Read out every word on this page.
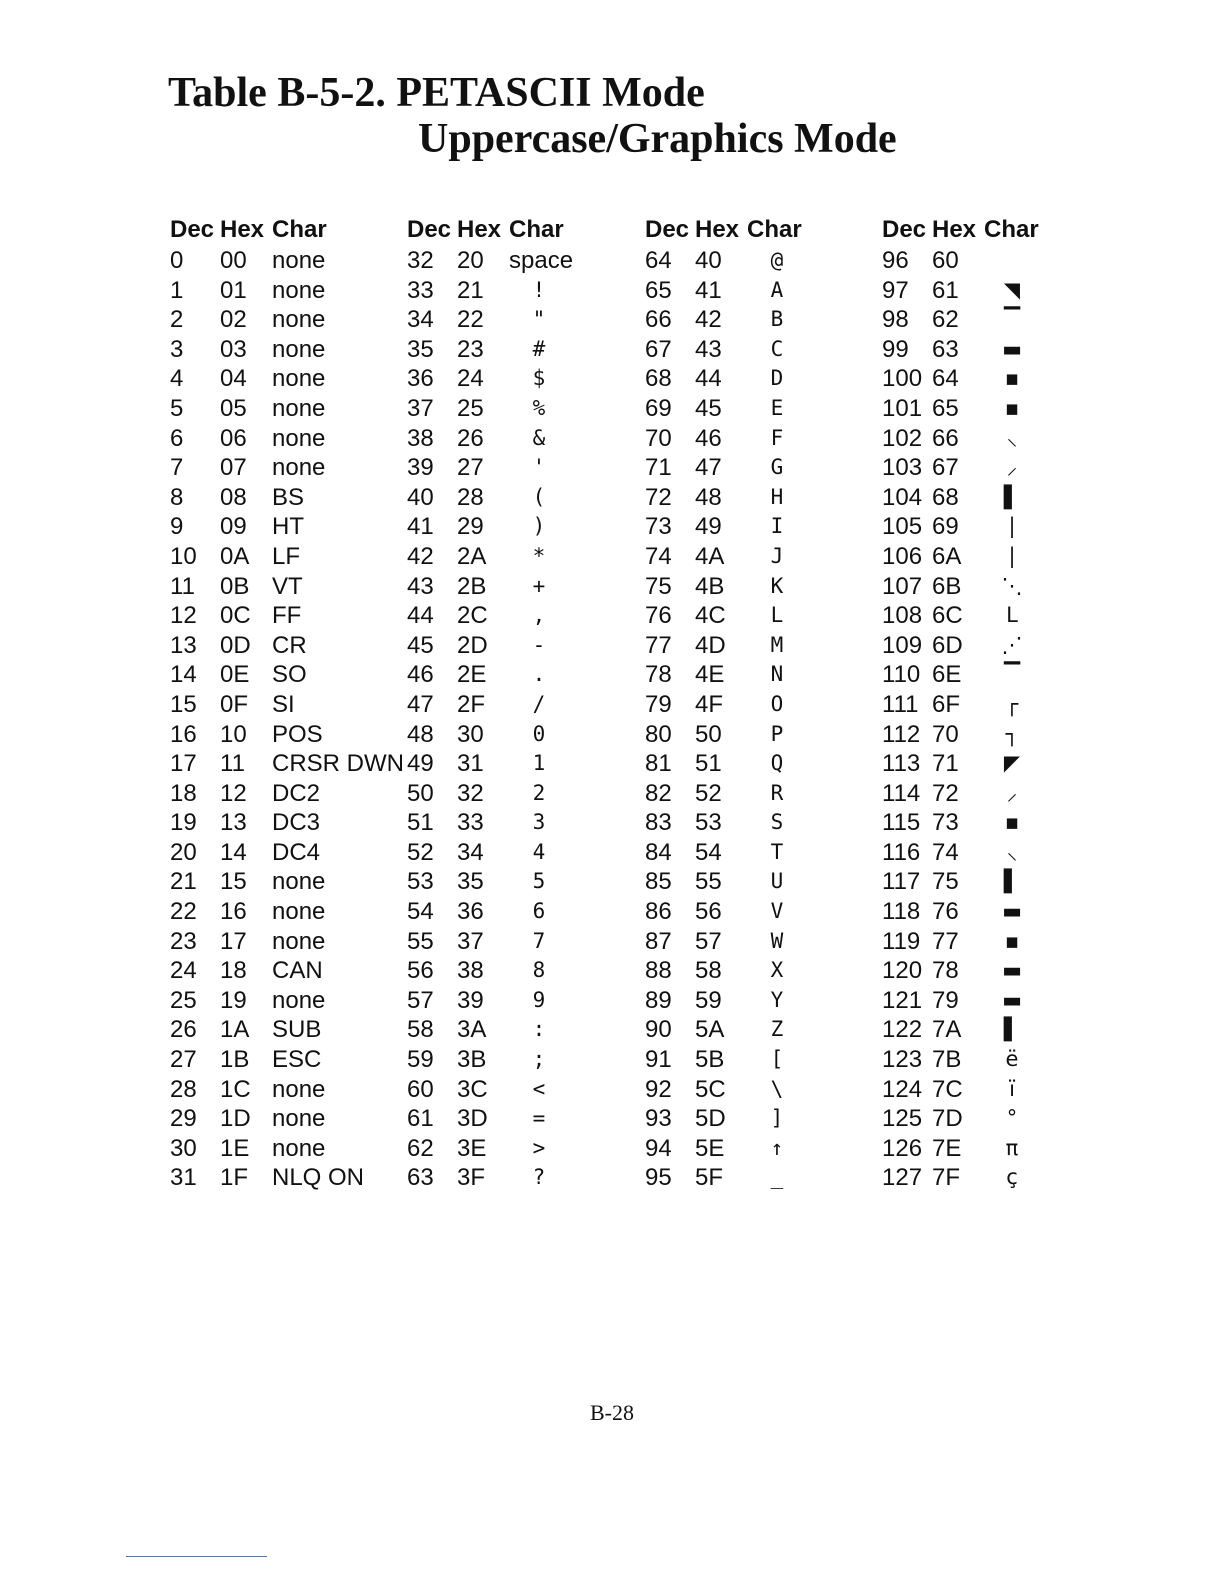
Table B-5-2. PETASCII Mode
Uppercase/Graphics Mode
Dec Hex Char
0 00 none
1 01 none
2 02 none
3 03 none
4 04 none
5 05 none
6 06 none
7 07 none
8 08 BS
9 09 HT
10 0A LF
11 0B VT
12 0C FF
13 0D CR
14 0E SO
15 0F SI
16 10 POS
17 11 CRSR DWN
18 12 DC2
19 13 DC3
20 14 DC4
21 15 none
22 16 none
23 17 none
24 18 CAN
25 19 none
26 1A SUB
27 1B ESC
28 1C none
29 1D none
30 1E none
31 1F NLQ ON
Dec Hex Char
32 20 space
33 21	!
34 22	"
35 23	#
36 24	$
37 25	%
38 26	&
39 27	'
40 28	(
41 29	)
42 2A	*
43 2B	+
44 2C	,
45 2D	-
46 2E	.
47 2F	/
48 30	0
49 31	1
50 32	2
51 33	3
52 34	4
53 35	5
54 36	6
55 37	7
56 38	8
57 39	9
58 3A	:
59 3B	;
60 3C	<
61 3D	=
62 3E	>
63 3F	?
Dec Hex Char
64 40	@
65 41	A
66 42	B
67 43	C
68 44	D
69 45	E
70 46	F
71 47	G
72 48	H
73 49	I
74 4A	J
75 4B	K
76 4C	L
77 4D	M
78 4E	N
79 4F	O
80 50	P
81 51	Q
82 52	R
83 53	S
84 54	T
85 55	U
86 56	V
87 57	W
88 58	X
89 59	Y
90 5A	Z
91 5B	[
92 5C	\
93 5D	]
94 5E	↑
95 5F	_
Dec Hex Char
96 60
97 61	◥
98 62	▔
99 63	▬
100 64	▪
101 65	▪
102 66	⸜
103 67	⸝
104 68	▌
105 69	|
106 6A	|
107 6B	⋱
108 6C	L
109 6D	⋰
110 6E	▔
111 6F	┌
112 70	┐
113 71	◤
114 72	⸝
115 73	▪
116 74	⸜
117 75	▌
118 76	▬
119 77	▪
120 78	▬
121 79	▬
122 7A	▌
123 7B	ë
124 7C	ï
125 7D	°
126 7E	π
127 7F	ç
B-28
